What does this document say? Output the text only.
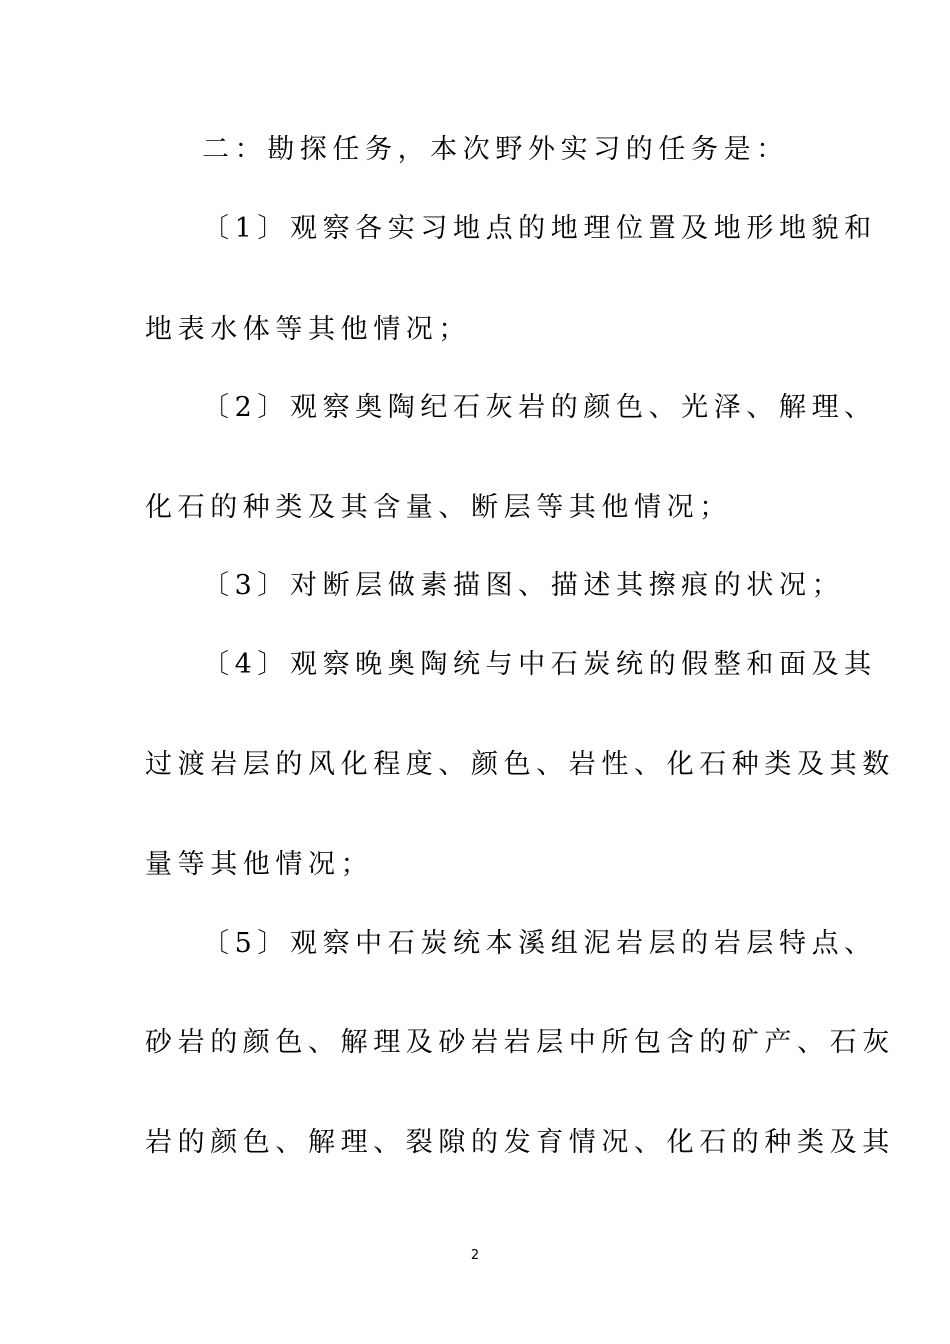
二：勘探任务，本次野外实习的任务是：
〔1〕观察各实习地点的地理位置及地形地貌和
地表水体等其他情况；
〔2〕观察奥陶纪石灰岩的颜色、光泽、解理、
化石的种类及其含量、断层等其他情况；
〔3〕对断层做素描图、描述其擦痕的状况；
〔4〕观察晚奥陶统与中石炭统的假整和面及其
过渡岩层的风化程度、颜色、岩性、化石种类及其数
量等其他情况；
〔5〕观察中石炭统本溪组泥岩层的岩层特点、
砂岩的颜色、解理及砂岩岩层中所包含的矿产、石灰
岩的颜色、解理、裂隙的发育情况、化石的种类及其
2
